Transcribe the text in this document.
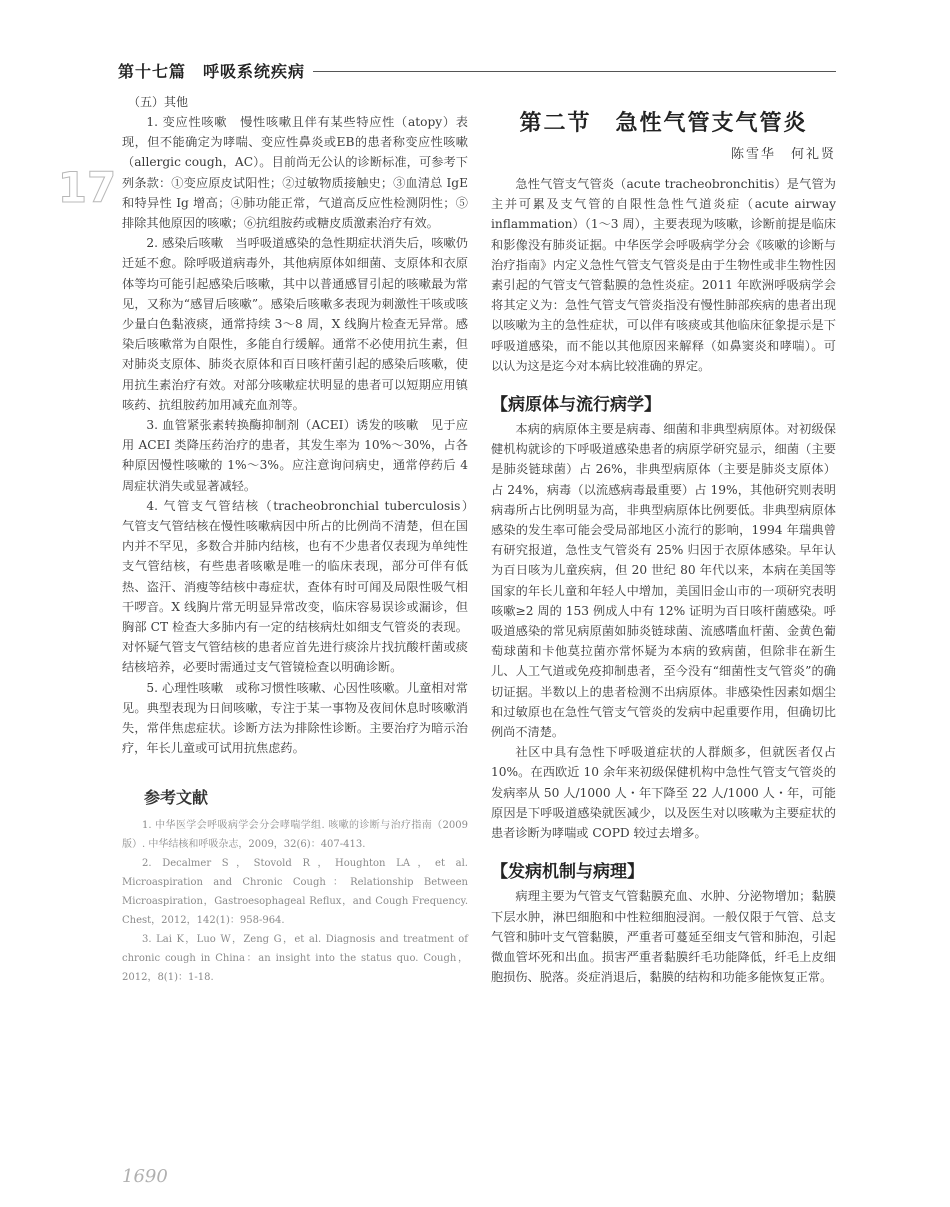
第十七篇　呼吸系统疾病
17
（五）其他

1. 变应性咳嗽　慢性咳嗽且伴有某些特应性（atopy）表现，但不能确定为哮喘、变应性鼻炎或EB的患者称变应性咳嗽（allergic cough，AC）。目前尚无公认的诊断标准，可参考下列条款：①变应原皮试阳性；②过敏物质接触史；③血清总 IgE 和特异性 Ig 增高；④肺功能正常，气道高反应性检测阴性；⑤排除其他原因的咳嗽；⑥抗组胺药或糖皮质激素治疗有效。

2. 感染后咳嗽　当呼吸道感染的急性期症状消失后，咳嗽仍迁延不愈。除呼吸道病毒外，其他病原体如细菌、支原体和衣原体等均可能引起感染后咳嗽，其中以普通感冒引起的咳嗽最为常见，又称为“感冒后咳嗽”。感染后咳嗽多表现为刺激性干咳或咳少量白色黏液痰，通常持续 3～8 周，X 线胸片检查无异常。感染后咳嗽常为自限性，多能自行缓解。通常不必使用抗生素，但对肺炎支原体、肺炎衣原体和百日咳杆菌引起的感染后咳嗽，使用抗生素治疗有效。对部分咳嗽症状明显的患者可以短期应用镇咳药、抗组胺药加用减充血剂等。

3. 血管紧张素转换酶抑制剂（ACEI）诱发的咳嗽　见于应用 ACEI 类降压药治疗的患者，其发生率为 10%～30%，占各种原因慢性咳嗽的 1%～3%。应注意询问病史，通常停药后 4 周症状消失或显著减轻。

4. 气管支气管结核（tracheobronchial tuberculosis）　气管支气管结核在慢性咳嗽病因中所占的比例尚不清楚，但在国内并不罕见，多数合并肺内结核，也有不少患者仅表现为单纯性支气管结核，有些患者咳嗽是唯一的临床表现，部分可伴有低热、盗汗、消瘦等结核中毒症状，查体有时可闻及局限性吸气相干啰音。X 线胸片常无明显异常改变，临床容易误诊或漏诊，但胸部 CT 检查大多肺内有一定的结核病灶如细支气管炎的表现。对怀疑气管支气管结核的患者应首先进行痰涂片找抗酸杆菌或痰结核培养，必要时需通过支气管镜检查以明确诊断。

5. 心理性咳嗽　或称习惯性咳嗽、心因性咳嗽。儿童相对常见。典型表现为日间咳嗽，专注于某一事物及夜间休息时咳嗽消失，常伴焦虑症状。诊断方法为排除性诊断。主要治疗为暗示治疗，年长儿童或可试用抗焦虑药。

参考文献

1. 中华医学会呼吸病学会分会哮喘学组. 咳嗽的诊断与治疗指南（2009 版）. 中华结核和呼吸杂志，2009，32(6)：407-413.

2. Decalmer S，Stovold R，Houghton LA，et al. Microaspiration and Chronic Cough：Relationship Between Microaspiration，Gastroesophageal Reflux，and Cough Frequency. Chest，2012，142(1)：958-964.

3. Lai K，Luo W，Zeng G，et al. Diagnosis and treatment of chronic cough in China：an insight into the status quo. Cough，2012，8(1)：1-18.

第二节　急性气管支气管炎
陈雪华　何礼贤

急性气管支气管炎（acute tracheobronchitis）是气管为主并可累及支气管的自限性急性气道炎症（acute airway inflammation）（1～3 周），主要表现为咳嗽，诊断前提是临床和影像没有肺炎证据。中华医学会呼吸病学分会《咳嗽的诊断与治疗指南》内定义急性气管支气管炎是由于生物性或非生物性因素引起的气管支气管黏膜的急性炎症。2011 年欧洲呼吸病学会将其定义为：急性气管支气管炎指没有慢性肺部疾病的患者出现以咳嗽为主的急性症状，可以伴有咳痰或其他临床征象提示是下呼吸道感染，而不能以其他原因来解释（如鼻窦炎和哮喘）。可以认为这是迄今对本病比较准确的界定。

【病原体与流行病学】

本病的病原体主要是病毒、细菌和非典型病原体。对初级保健机构就诊的下呼吸道感染患者的病原学研究显示，细菌（主要是肺炎链球菌）占 26%，非典型病原体（主要是肺炎支原体）占 24%，病毒（以流感病毒最重要）占 19%，其他研究则表明病毒所占比例明显为高，非典型病原体比例要低。非典型病原体感染的发生率可能会受局部地区小流行的影响，1994 年瑞典曾有研究报道，急性支气管炎有 25% 归因于衣原体感染。早年认为百日咳为儿童疾病，但 20 世纪 80 年代以来，本病在美国等国家的年长儿童和年轻人中增加，美国旧金山市的一项研究表明咳嗽≥2 周的 153 例成人中有 12% 证明为百日咳杆菌感染。呼吸道感染的常见病原菌如肺炎链球菌、流感嗜血杆菌、金黄色葡萄球菌和卡他莫拉菌亦常怀疑为本病的致病菌，但除非在新生儿、人工气道或免疫抑制患者，至今没有“细菌性支气管炎”的确切证据。半数以上的患者检测不出病原体。非感染性因素如烟尘和过敏原也在急性气管支气管炎的发病中起重要作用，但确切比例尚不清楚。

社区中具有急性下呼吸道症状的人群颇多，但就医者仅占 10%。在西欧近 10 余年来初级保健机构中急性气管支气管炎的发病率从 50 人/1000 人・年下降至 22 人/1000 人・年，可能原因是下呼吸道感染就医减少，以及医生对以咳嗽为主要症状的患者诊断为哮喘或 COPD 较过去增多。

【发病机制与病理】

病理主要为气管支气管黏膜充血、水肿、分泌物增加；黏膜下层水肿，淋巴细胞和中性粒细胞浸润。一般仅限于气管、总支气管和肺叶支气管黏膜，严重者可蔓延至细支气管和肺泡，引起微血管坏死和出血。损害严重者黏膜纤毛功能降低，纤毛上皮细胞损伤、脱落。炎症消退后，黏膜的结构和功能多能恢复正常。

1690
